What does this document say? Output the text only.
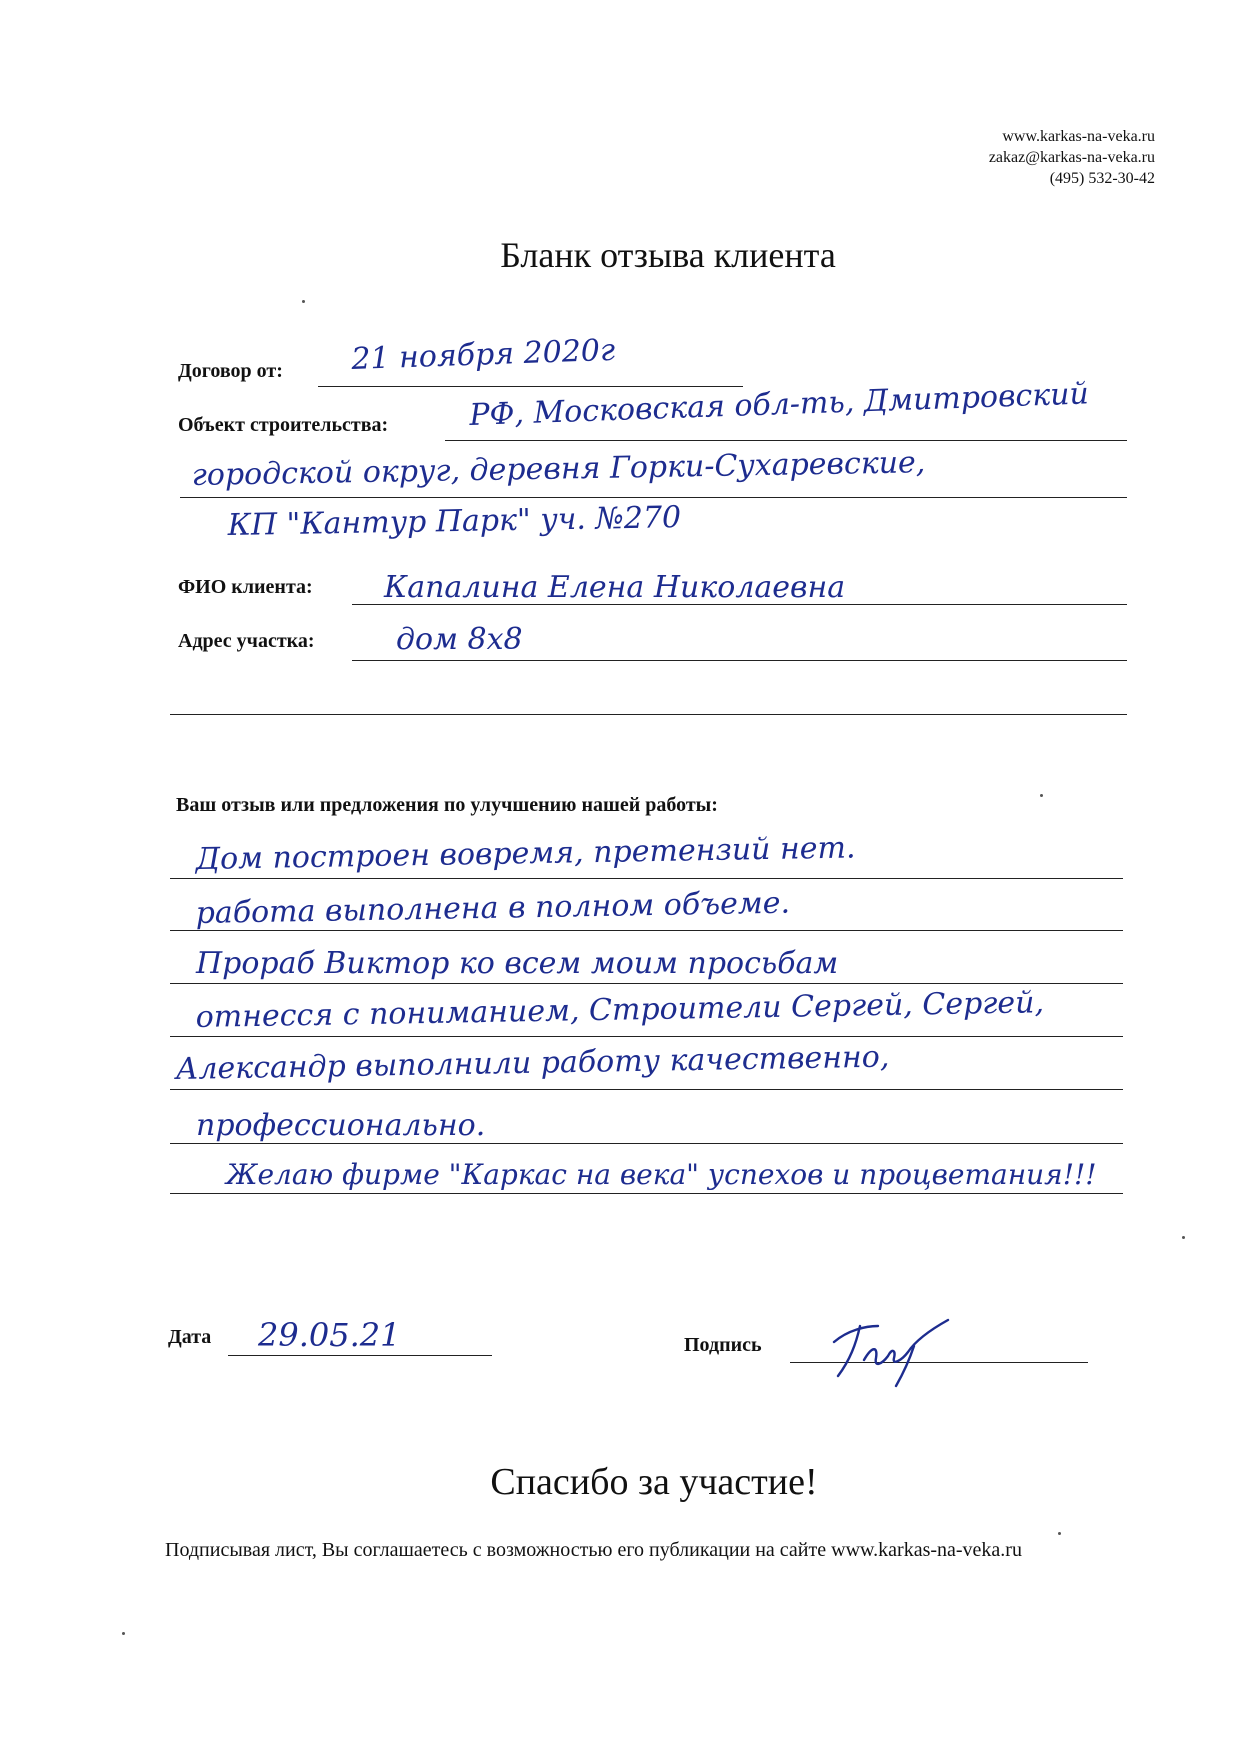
www.karkas-na-veka.ru
zakaz@karkas-na-veka.ru
(495) 532-30-42
Бланк отзыва клиента
Договор от: 21 ноября 2020г
Объект строительства:	РФ, Московская обл-ть, Дмитровский
городской округ, деревня Горки-Сухаревские,
КП "Кантур Парк" уч. №270
ФИО клиента: Капалина Елена Николаевна
Адрес участка:	дом 8х8
Ваш отзыв или предложения по улучшению нашей работы:
Дом построен вовремя, претензий нет.
работа выполнена в полном объеме.
Прораб Виктор ко всем моим просьбам
отнесся с пониманием, Строители Сергей, Сергей,
Александр выполнили работу качественно,
профессионально.
Желаю фирме "Каркас на века" успехов и процветания!!!
Дата 29.05.21	Подпись
Спасибо за участие!
Подписывая лист, Вы соглашаетесь с возможностью его публикации на сайте www.karkas-na-veka.ru
